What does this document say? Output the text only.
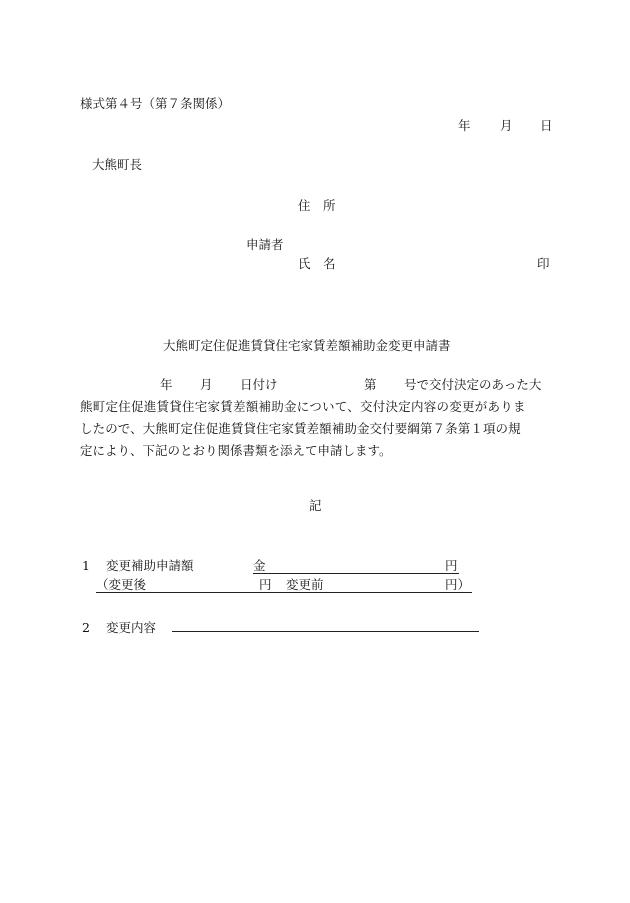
様式第４号（第７条関係）
年 月 日
大熊町長
住　所
申請者
氏　名	印
大熊町定住促進賃貸住宅家賃差額補助金変更申請書
年 月 日付け	第 号で交付決定のあった大
熊町定住促進賃貸住宅家賃差額補助金について、交付決定内容の変更がありま
したので、大熊町定住促進賃貸住宅家賃差額補助金交付要綱第７条第１項の規
定により、下記のとおり関係書類を添えて申請します。
記
1 変更補助申請額	金	円
（変更後	円 変更前	円）
2 変更内容
